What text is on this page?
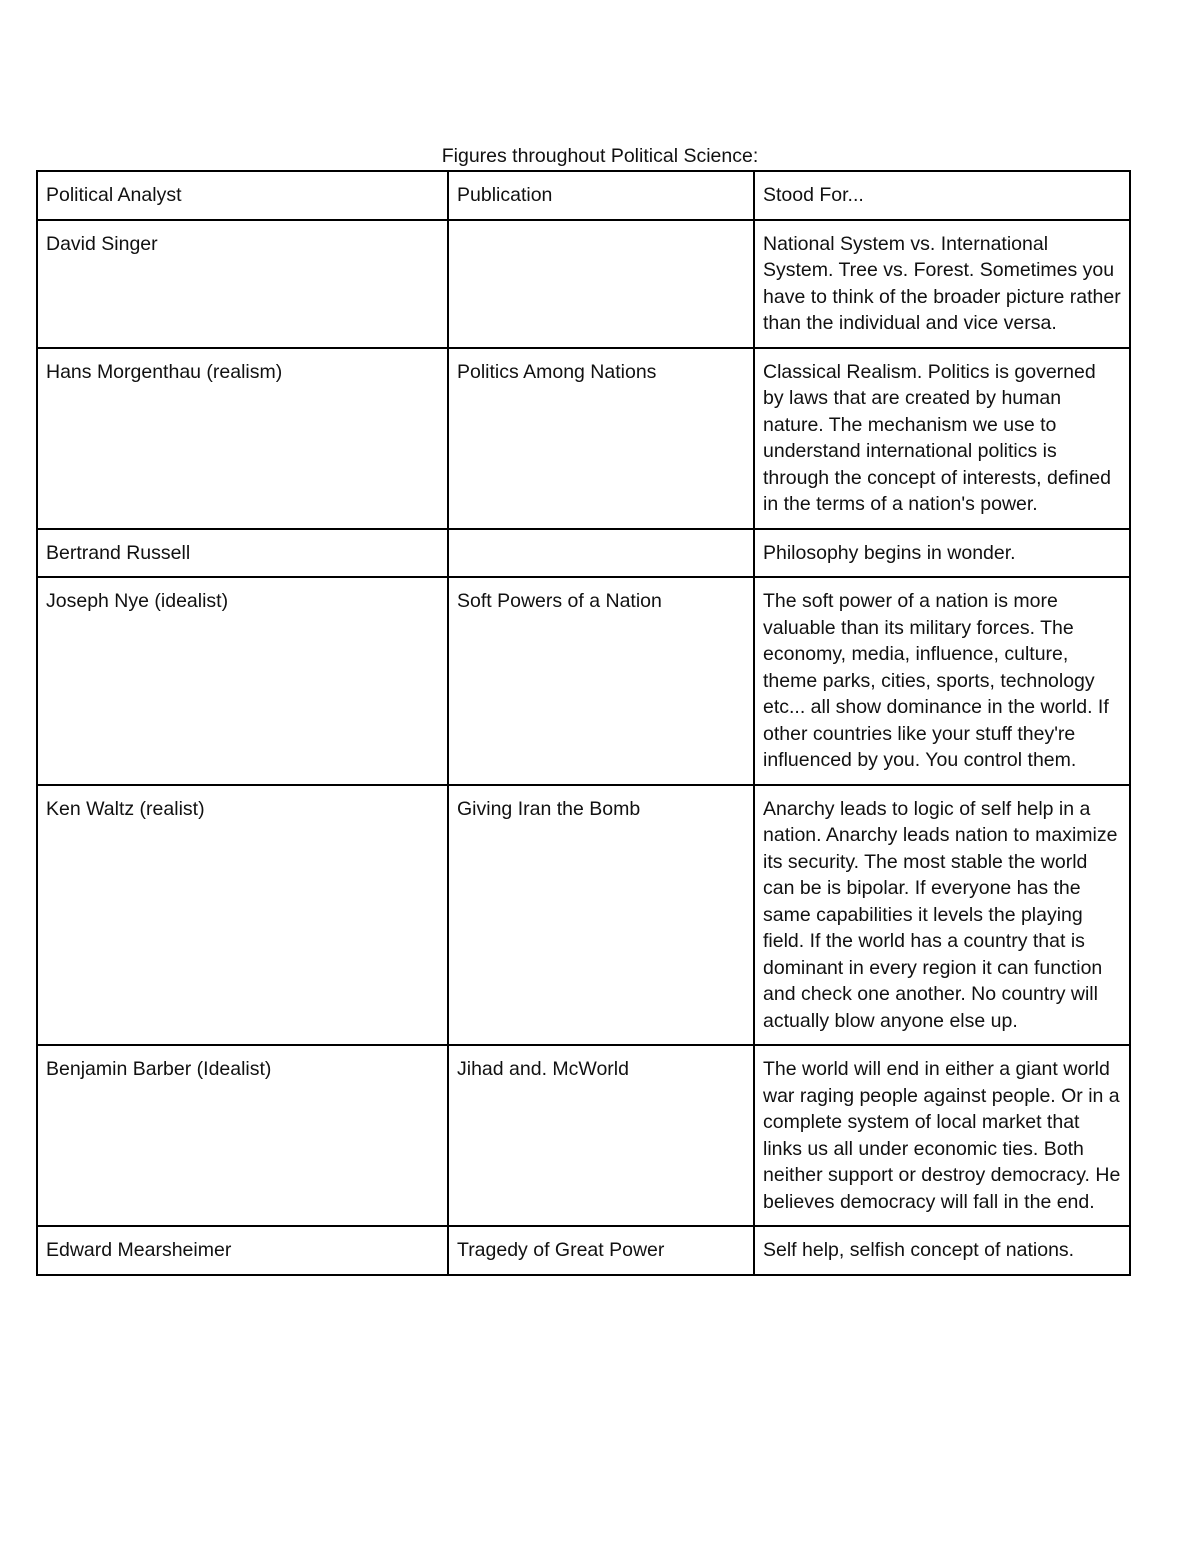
Figures throughout Political Science:
Political Analyst	Publication	Stood For...
David Singer		National System vs. International System. Tree vs. Forest. Sometimes you have to think of the broader picture rather than the individual and vice versa.
Hans Morgenthau (realism)	Politics Among Nations	Classical Realism. Politics is governed by laws that are created by human nature. The mechanism we use to understand international politics is through the concept of interests, defined in the terms of a nation's power.
Bertrand Russell		Philosophy begins in wonder.
Joseph Nye (idealist)	Soft Powers of a Nation	The soft power of a nation is more valuable than its military forces. The economy, media, influence, culture, theme parks, cities, sports, technology etc... all show dominance in the world. If other countries like your stuff they're influenced by you. You control them.
Ken Waltz (realist)	Giving Iran the Bomb	Anarchy leads to logic of self help in a nation. Anarchy leads nation to maximize its security. The most stable the world can be is bipolar. If everyone has the same capabilities it levels the playing field. If the world has a country that is dominant in every region it can function and check one another. No country will actually blow anyone else up.
Benjamin Barber (Idealist)	Jihad and. McWorld	The world will end in either a giant world war raging people against people. Or in a complete system of local market that links us all under economic ties. Both neither support or destroy democracy. He believes democracy will fall in the end.
Edward Mearsheimer	Tragedy of Great Power	Self help, selfish concept of nations.
